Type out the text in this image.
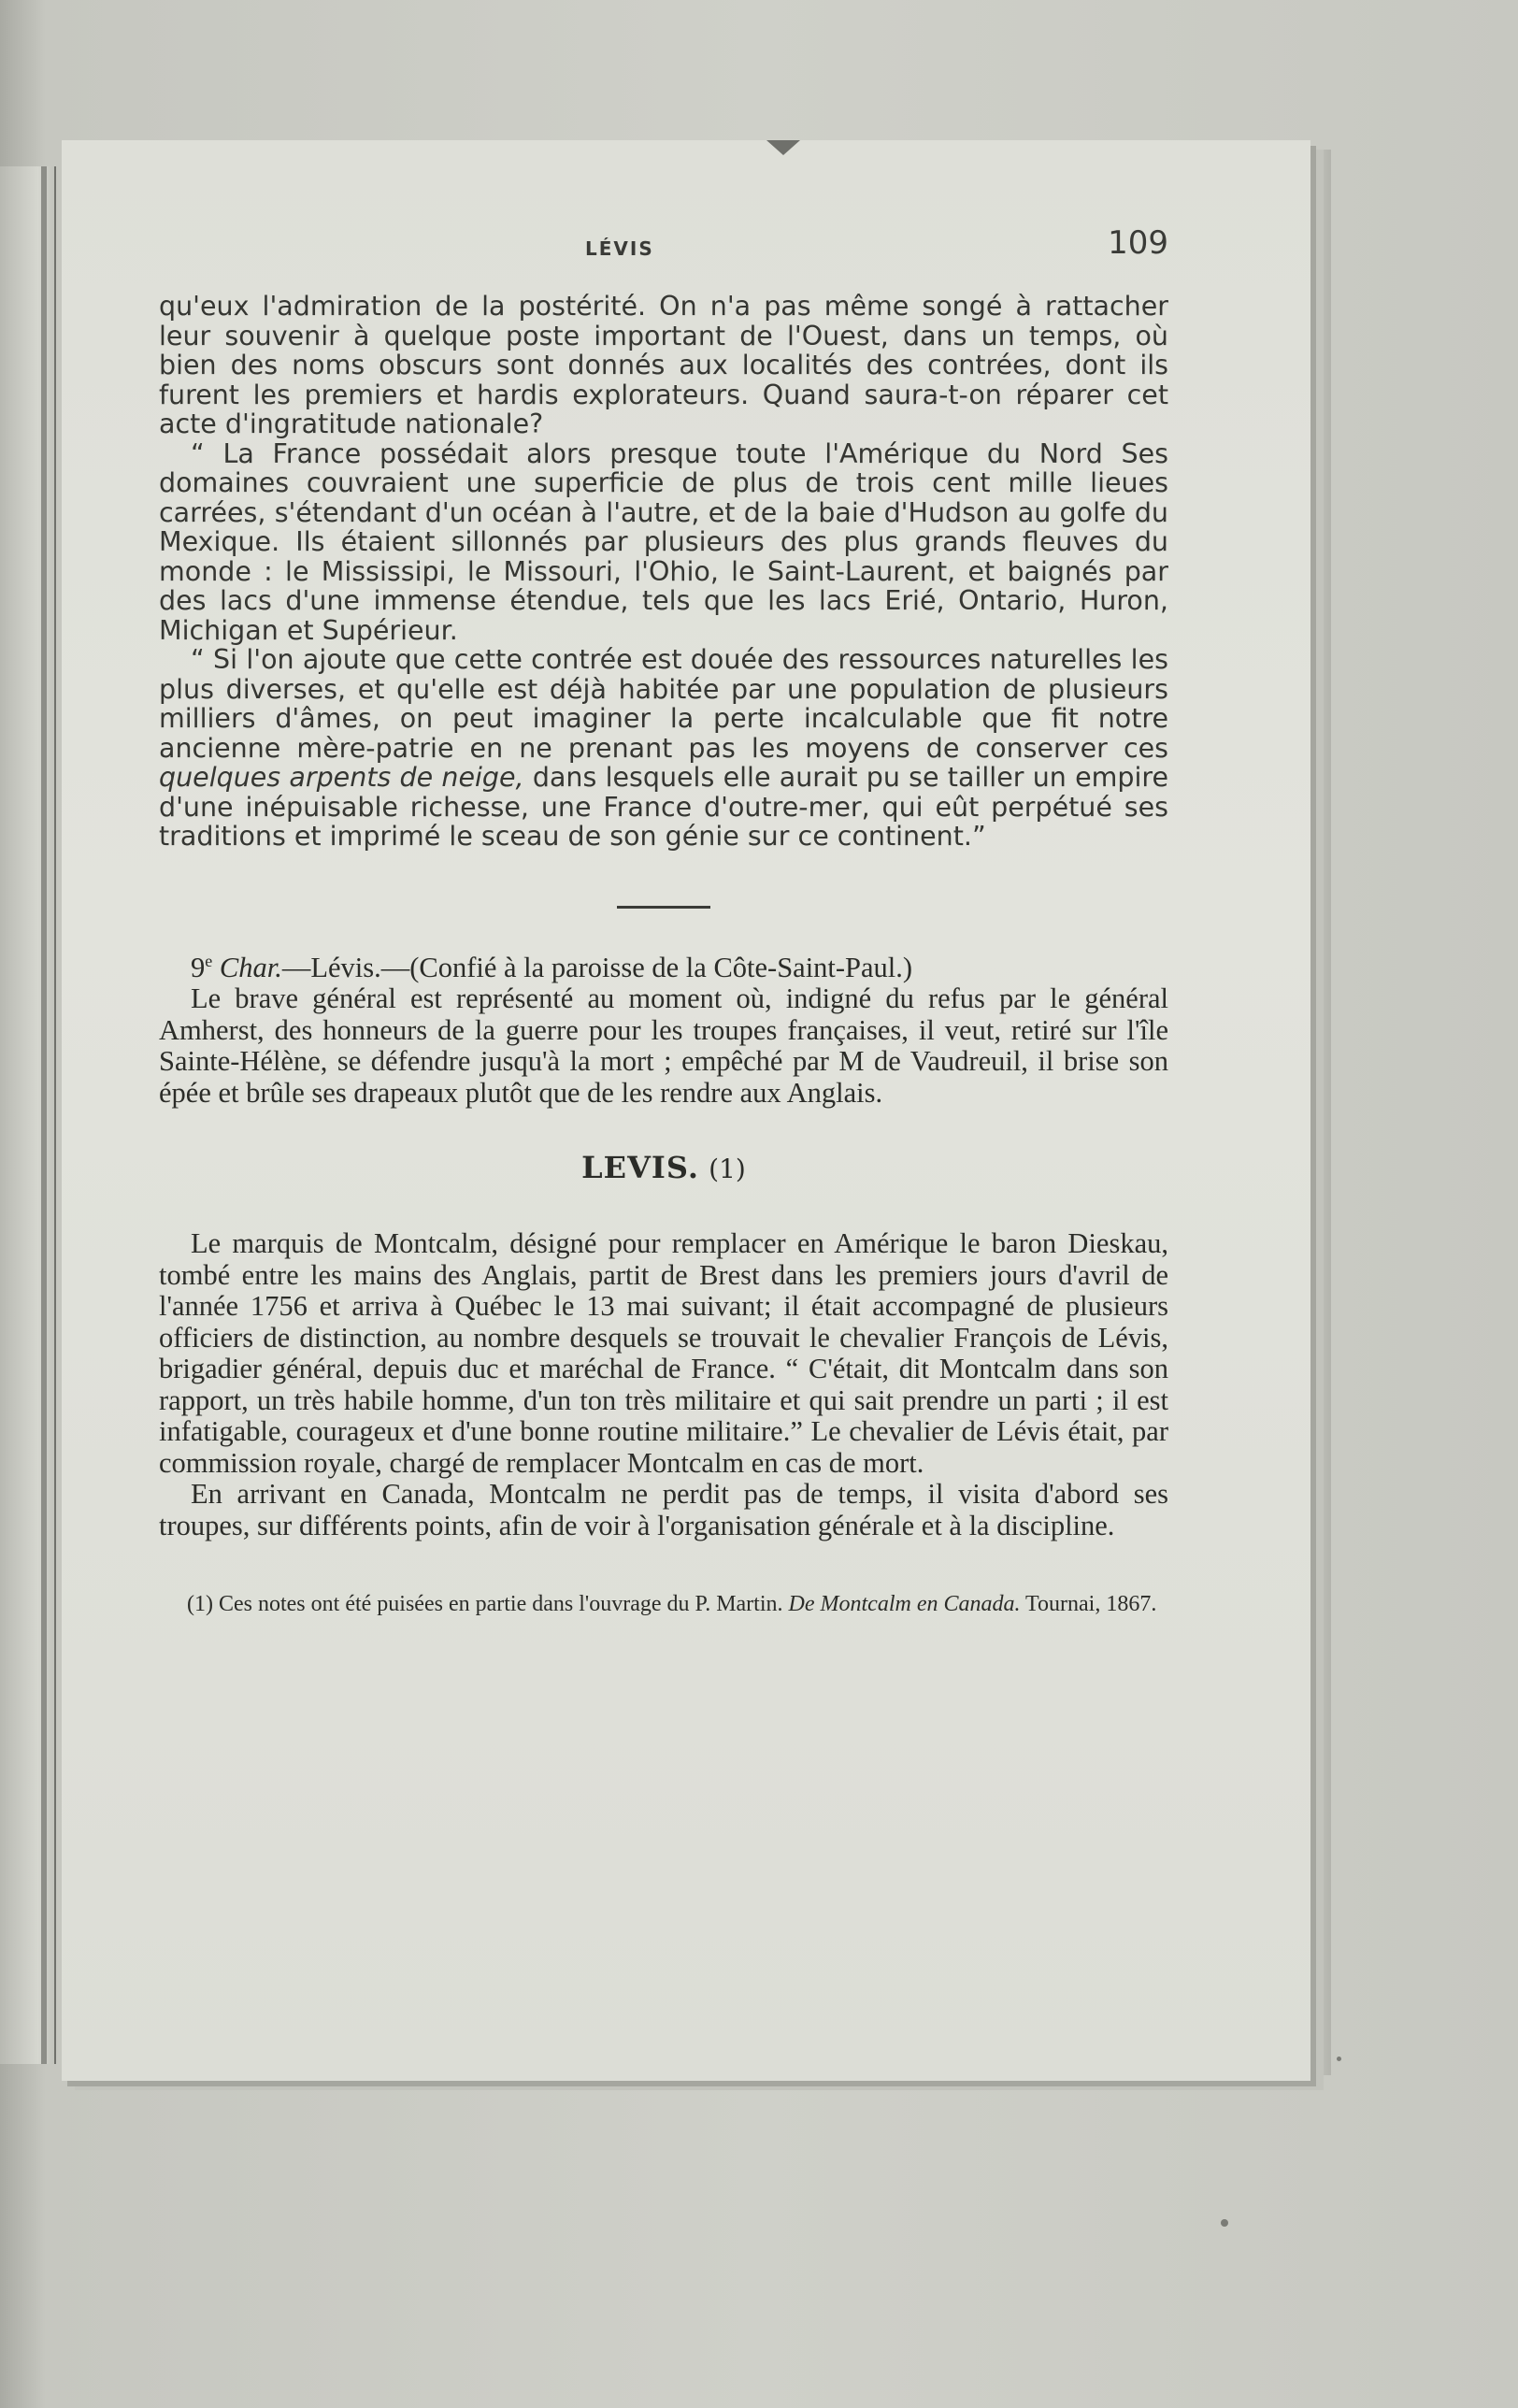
LÉVIS	109

qu'eux l'admiration de la postérité. On n'a pas même songé à rattacher leur souvenir à quelque poste important de l'Ouest, dans un temps, où bien des noms obscurs sont donnés aux localités des contrées, dont ils furent les premiers et hardis explorateurs. Quand saura-t-on réparer cet acte d'ingratitude nationale?

“ La France possédait alors presque toute l'Amérique du Nord Ses domaines couvraient une superficie de plus de trois cent mille lieues carrées, s'étendant d'un océan à l'autre, et de la baie d'Hudson au golfe du Mexique. Ils étaient sillonnés par plusieurs des plus grands fleuves du monde : le Mississipi, le Missouri, l'Ohio, le Saint-Laurent, et baignés par des lacs d'une immense étendue, tels que les lacs Erié, Ontario, Huron, Michigan et Supérieur.

“ Si l'on ajoute que cette contrée est douée des ressources naturelles les plus diverses, et qu'elle est déjà habitée par une population de plusieurs milliers d'âmes, on peut imaginer la perte incalculable que fit notre ancienne mère-patrie en ne prenant pas les moyens de conserver ces quelques arpents de neige, dans lesquels elle aurait pu se tailler un empire d'une inépuisable richesse, une France d'outre-mer, qui eût perpétué ses traditions et imprimé le sceau de son génie sur ce continent.”

9e Char.—Lévis.—(Confié à la paroisse de la Côte-Saint-Paul.)

Le brave général est représenté au moment où, indigné du refus par le général Amherst, des honneurs de la guerre pour les troupes françaises, il veut, retiré sur l'île Sainte-Hélène, se défendre jusqu'à la mort ; empêché par M de Vaudreuil, il brise son épée et brûle ses drapeaux plutôt que de les rendre aux Anglais.

LEVIS. (1)

Le marquis de Montcalm, désigné pour remplacer en Amérique le baron Dieskau, tombé entre les mains des Anglais, partit de Brest dans les premiers jours d'avril de l'année 1756 et arriva à Québec le 13 mai suivant; il était accompagné de plusieurs officiers de distinction, au nombre desquels se trouvait le chevalier François de Lévis, brigadier général, depuis duc et maréchal de France. “ C'était, dit Montcalm dans son rapport, un très habile homme, d'un ton très militaire et qui sait prendre un parti ; il est infatigable, courageux et d'une bonne routine militaire.” Le chevalier de Lévis était, par commission royale, chargé de remplacer Montcalm en cas de mort.

En arrivant en Canada, Montcalm ne perdit pas de temps, il visita d'abord ses troupes, sur différents points, afin de voir à l'organisation générale et à la discipline.

(1) Ces notes ont été puisées en partie dans l'ouvrage du P. Martin. De Montcalm en Canada. Tournai, 1867.
